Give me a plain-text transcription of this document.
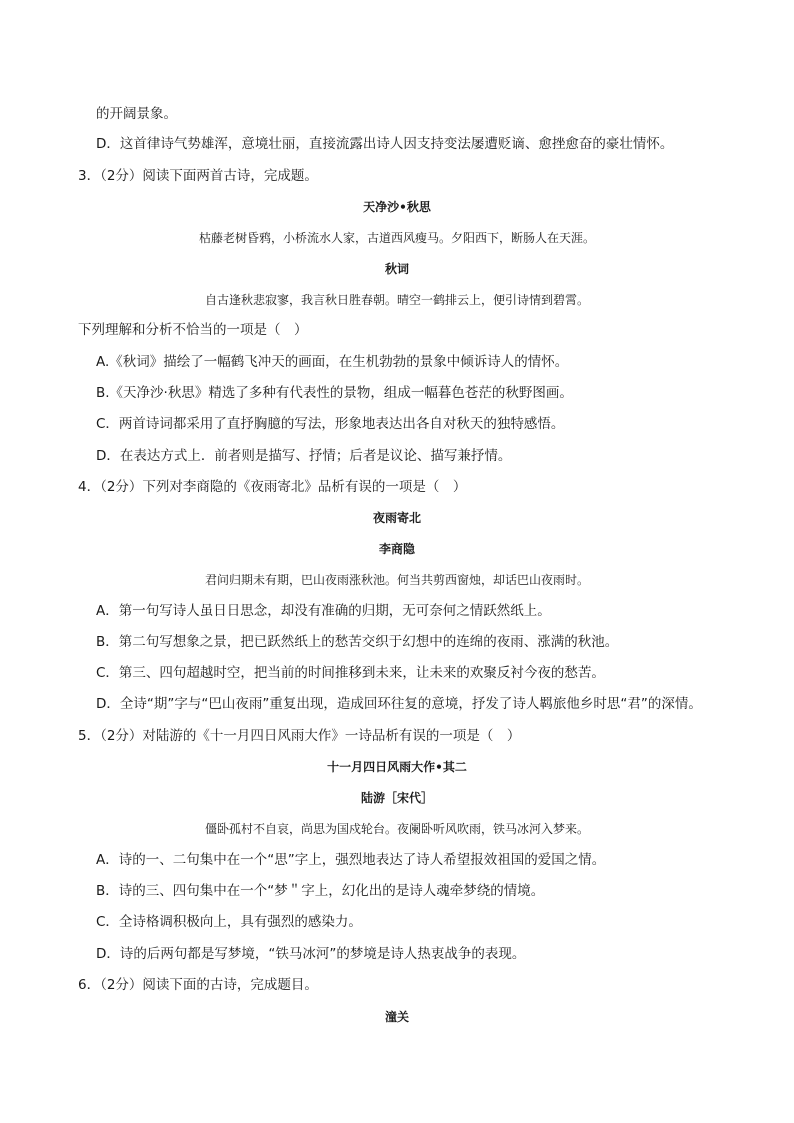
的开阔景象。
D．这首律诗气势雄浑，意境壮丽，直接流露出诗人因支持变法屡遭贬谪、愈挫愈奋的豪壮情怀。
3．（2分）阅读下面两首古诗，完成题。
天净沙•秋思
枯藤老树昏鸦，小桥流水人家，古道西风瘦马。夕阳西下，断肠人在天涯。
秋词
自古逢秋悲寂寥，我言秋日胜春朝。晴空一鹤排云上，便引诗情到碧霄。
下列理解和分析不恰当的一项是（　）
A.《秋词》描绘了一幅鹤飞冲天的画面，在生机勃勃的景象中倾诉诗人的情怀。
B.《天净沙·秋思》精选了多种有代表性的景物，组成一幅暮色苍茫的秋野图画。
C．两首诗词都采用了直抒胸臆的写法，形象地表达出各自对秋天的独特感悟。
D．在表达方式上．前者则是描写、抒情；后者是议论、描写兼抒情。
4．（2分）下列对李商隐的《夜雨寄北》品析有误的一项是（　）
夜雨寄北
李商隐
君问归期未有期，巴山夜雨涨秋池。何当共剪西窗烛，却话巴山夜雨时。
A．第一句写诗人虽日日思念，却没有准确的归期，无可奈何之情跃然纸上。
B．第二句写想象之景，把已跃然纸上的愁苦交织于幻想中的连绵的夜雨、涨满的秋池。
C．第三、四句超越时空，把当前的时间推移到未来，让未来的欢聚反衬今夜的愁苦。
D．全诗“期”字与“巴山夜雨”重复出现，造成回环往复的意境，抒发了诗人羁旅他乡时思“君”的深情。
5．（2分）对陆游的《十一月四日风雨大作》一诗品析有误的一项是（　）
十一月四日风雨大作•其二
陆游［宋代］
僵卧孤村不自哀，尚思为国戍轮台。夜阑卧听风吹雨，铁马冰河入梦来。
A．诗的一、二句集中在一个“思”字上，强烈地表达了诗人希望报效祖国的爱国之情。
B．诗的三、四句集中在一个“梦＂字上，幻化出的是诗人魂牵梦绕的情境。
C．全诗格调积极向上，具有强烈的感染力。
D．诗的后两句都是写梦境，“铁马冰河”的梦境是诗人热衷战争的表现。
6．（2分）阅读下面的古诗，完成题目。
潼关
